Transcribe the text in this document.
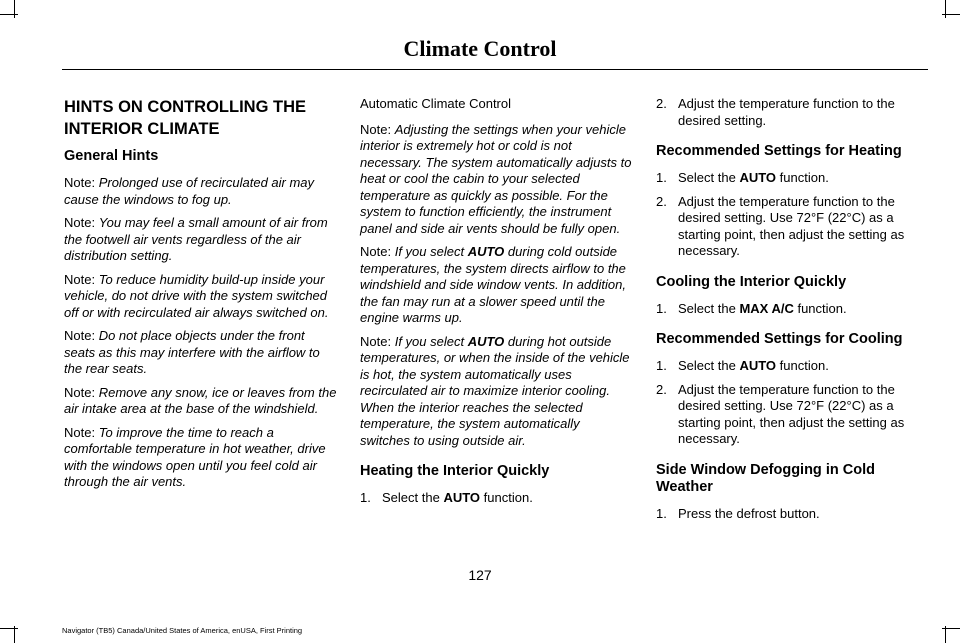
Climate Control
HINTS ON CONTROLLING THE
INTERIOR CLIMATE
General Hints

Note: Prolonged use of recirculated air may cause the windows to fog up.

Note: You may feel a small amount of air from the footwell air vents regardless of the air distribution setting.

Note: To reduce humidity build-up inside your vehicle, do not drive with the system switched off or with recirculated air always switched on.

Note: Do not place objects under the front seats as this may interfere with the airflow to the rear seats.

Note: Remove any snow, ice or leaves from the air intake area at the base of the windshield.

Note: To improve the time to reach a comfortable temperature in hot weather, drive with the windows open until you feel cold air through the air vents.

Automatic Climate Control

Note: Adjusting the settings when your vehicle interior is extremely hot or cold is not necessary. The system automatically adjusts to heat or cool the cabin to your selected temperature as quickly as possible. For the system to function efficiently, the instrument panel and side air vents should be fully open.

Note: If you select AUTO during cold outside temperatures, the system directs airflow to the windshield and side window vents. In addition, the fan may run at a slower speed until the engine warms up.

Note: If you select AUTO during hot outside temperatures, or when the inside of the vehicle is hot, the system automatically uses recirculated air to maximize interior cooling. When the interior reaches the selected temperature, the system automatically switches to using outside air.

Heating the Interior Quickly
1. Select the AUTO function.
2. Adjust the temperature function to the desired setting.
Recommended Settings for Heating
1. Select the AUTO function.
2. Adjust the temperature function to the desired setting. Use 72°F (22°C) as a starting point, then adjust the setting as necessary.
Cooling the Interior Quickly
1. Select the MAX A/C function.
Recommended Settings for Cooling
1. Select the AUTO function.
2. Adjust the temperature function to the desired setting. Use 72°F (22°C) as a starting point, then adjust the setting as necessary.
Side Window Defogging in Cold
Weather
1. Press the defrost button.
127
Navigator (TB5) Canada/United States of America, enUSA, First Printing
